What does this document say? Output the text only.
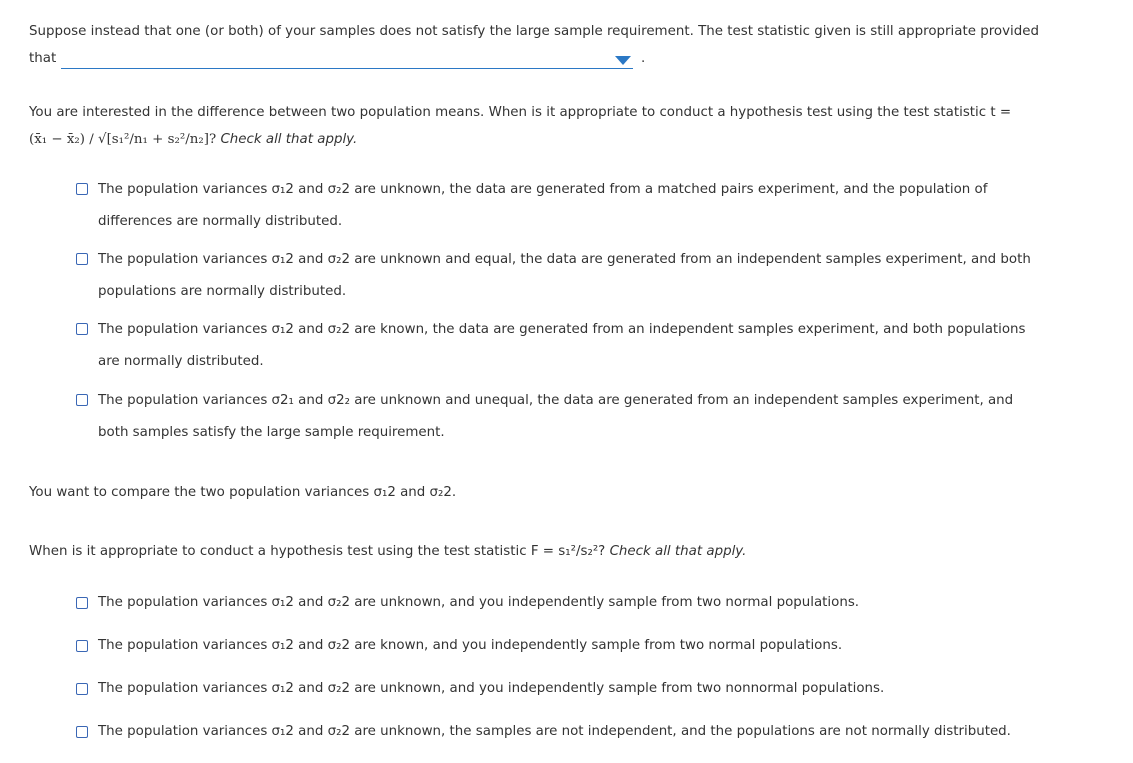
Suppose instead that one (or both) of your samples does not satisfy the large sample requirement. The test statistic given is still appropriate provided
that	.
You are interested in the difference between two population means. When is it appropriate to conduct a hypothesis test using the test statistic t =
(x̄₁ − x̄₂) / √[s₁²/n₁ + s₂²/n₂]? Check all that apply.
The population variances σ₁2 and σ₂2 are unknown, the data are generated from a matched pairs experiment, and the population of
differences are normally distributed.
The population variances σ₁2 and σ₂2 are unknown and equal, the data are generated from an independent samples experiment, and both
populations are normally distributed.
The population variances σ₁2 and σ₂2 are known, the data are generated from an independent samples experiment, and both populations
are normally distributed.
The population variances σ2₁ and σ2₂ are unknown and unequal, the data are generated from an independent samples experiment, and
both samples satisfy the large sample requirement.
You want to compare the two population variances σ₁2 and σ₂2.
When is it appropriate to conduct a hypothesis test using the test statistic F = s₁²/s₂²? Check all that apply.
The population variances σ₁2 and σ₂2 are unknown, and you independently sample from two normal populations.
The population variances σ₁2 and σ₂2 are known, and you independently sample from two normal populations.
The population variances σ₁2 and σ₂2 are unknown, and you independently sample from two nonnormal populations.
The population variances σ₁2 and σ₂2 are unknown, the samples are not independent, and the populations are not normally distributed.
